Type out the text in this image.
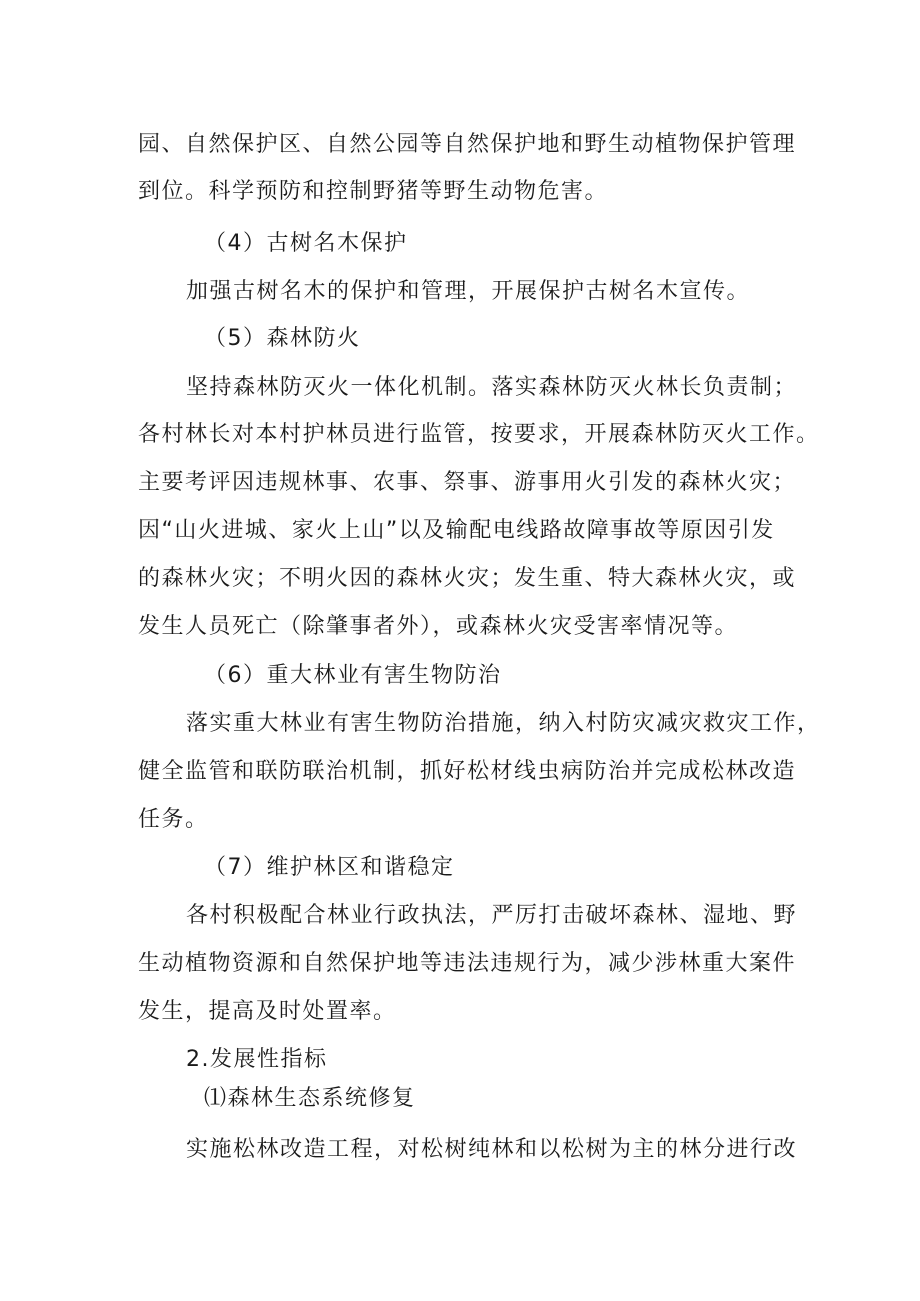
园、自然保护区、自然公园等自然保护地和野生动植物保护管理
到位。科学预防和控制野猪等野生动物危害。
（4）古树名木保护
加强古树名木的保护和管理，开展保护古树名木宣传。
（5）森林防火
坚持森林防灭火一体化机制。落实森林防灭火林长负责制；
各村林长对本村护林员进行监管，按要求，开展森林防灭火工作。
主要考评因违规林事、农事、祭事、游事用火引发的森林火灾；
因“山火进城、家火上山”以及输配电线路故障事故等原因引发
的森林火灾；不明火因的森林火灾；发生重、特大森林火灾，或
发生人员死亡（除肇事者外），或森林火灾受害率情况等。
（6）重大林业有害生物防治
落实重大林业有害生物防治措施，纳入村防灾减灾救灾工作，
健全监管和联防联治机制，抓好松材线虫病防治并完成松林改造
任务。
（7）维护林区和谐稳定
各村积极配合林业行政执法，严厉打击破坏森林、湿地、野
生动植物资源和自然保护地等违法违规行为，减少涉林重大案件
发生，提高及时处置率。
2.发展性指标
⑴森林生态系统修复
实施松林改造工程，对松树纯林和以松树为主的林分进行改
